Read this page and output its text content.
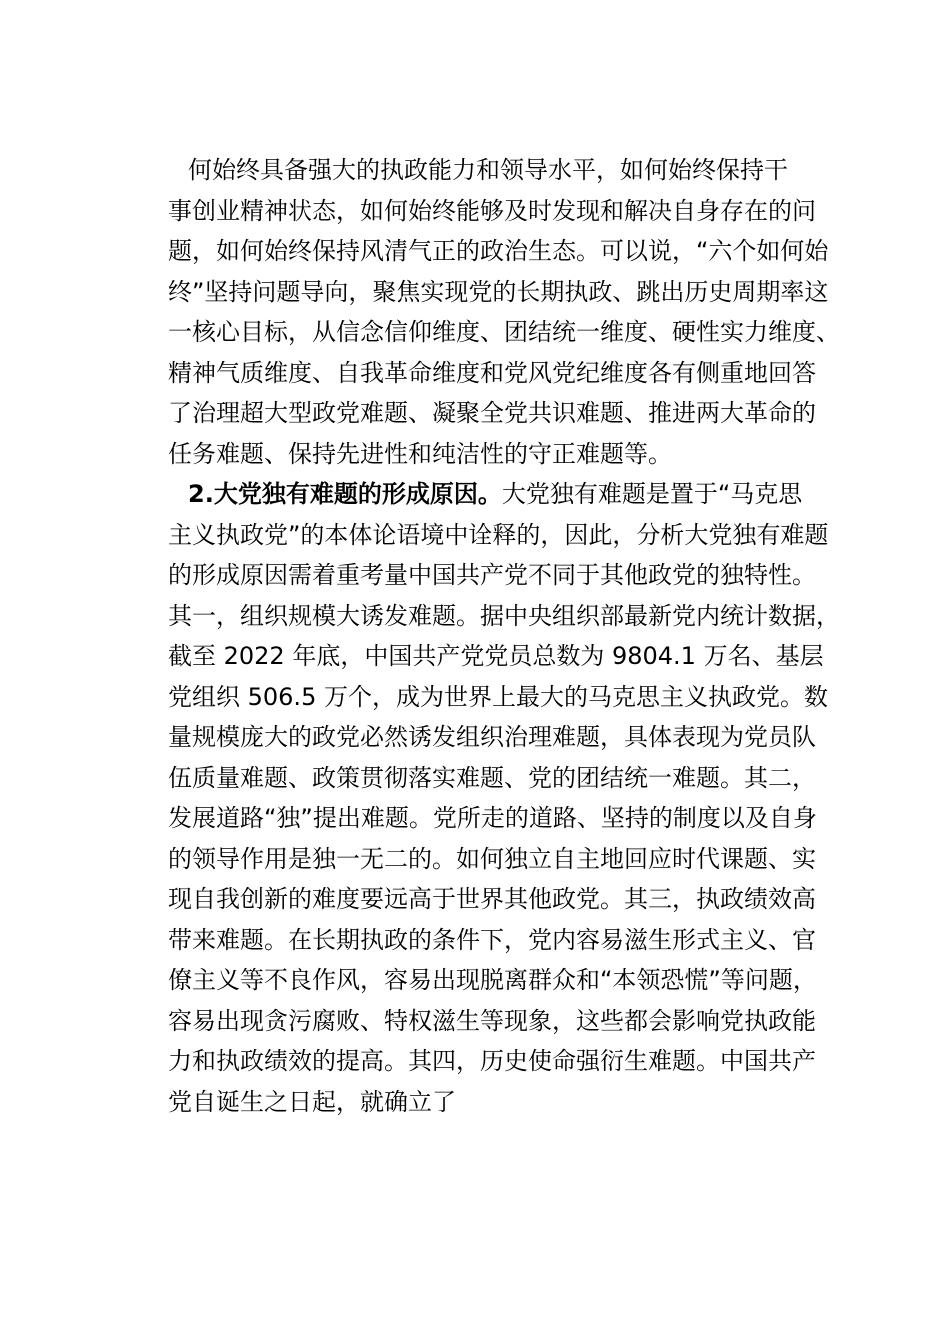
何始终具备强大的执政能力和领导水平，如何始终保持干
事创业精神状态，如何始终能够及时发现和解决自身存在的问
题，如何始终保持风清气正的政治生态。可以说，“六个如何始
终”坚持问题导向，聚焦实现党的长期执政、跳出历史周期率这
一核心目标，从信念信仰维度、团结统一维度、硬性实力维度、
精神气质维度、自我革命维度和党风党纪维度各有侧重地回答
了治理超大型政党难题、凝聚全党共识难题、推进两大革命的
任务难题、保持先进性和纯洁性的守正难题等。
2.大党独有难题的形成原因。大党独有难题是置于“马克思
主义执政党”的本体论语境中诠释的，因此，分析大党独有难题
的形成原因需着重考量中国共产党不同于其他政党的独特性。
其一，组织规模大诱发难题。据中央组织部最新党内统计数据，
截至 2022 年底，中国共产党党员总数为 9804.1 万名、基层
党组织 506.5 万个，成为世界上最大的马克思主义执政党。数
量规模庞大的政党必然诱发组织治理难题，具体表现为党员队
伍质量难题、政策贯彻落实难题、党的团结统一难题。其二，
发展道路“独”提出难题。党所走的道路、坚持的制度以及自身
的领导作用是独一无二的。如何独立自主地回应时代课题、实
现自我创新的难度要远高于世界其他政党。其三，执政绩效高
带来难题。在长期执政的条件下，党内容易滋生形式主义、官
僚主义等不良作风，容易出现脱离群众和“本领恐慌”等问题，
容易出现贪污腐败、特权滋生等现象，这些都会影响党执政能
力和执政绩效的提高。其四，历史使命强衍生难题。中国共产
党自诞生之日起，就确立了
